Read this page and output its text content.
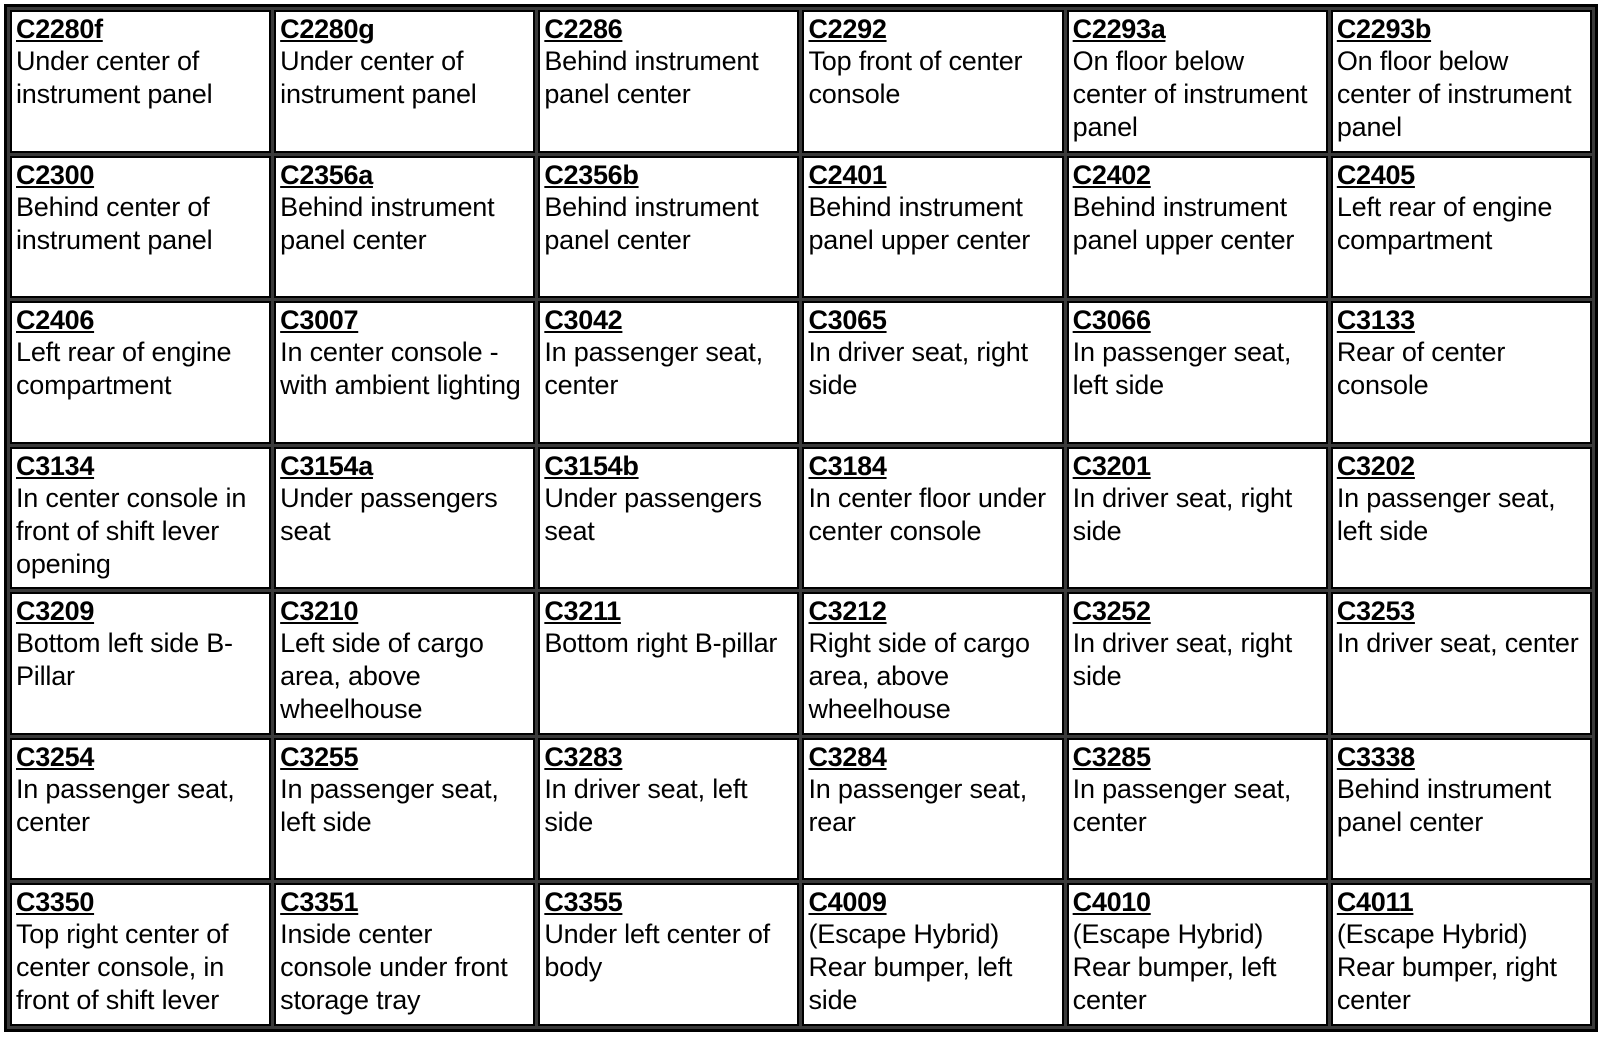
C2280f
Under center of instrument panel
C2280g
Under center of instrument panel
C2286
Behind instrument panel center
C2292
Top front of center console
C2293a
On floor below center of instrument panel
C2293b
On floor below center of instrument panel
C2300
Behind center of instrument panel
C2356a
Behind instrument panel center
C2356b
Behind instrument panel center
C2401
Behind instrument panel upper center
C2402
Behind instrument panel upper center
C2405
Left rear of engine compartment
C2406
Left rear of engine compartment
C3007
In center console - with ambient lighting
C3042
In passenger seat, center
C3065
In driver seat, right side
C3066
In passenger seat, left side
C3133
Rear of center console
C3134
In center console in front of shift lever opening
C3154a
Under passengers seat
C3154b
Under passengers seat
C3184
In center floor under center console
C3201
In driver seat, right side
C3202
In passenger seat, left side
C3209
Bottom left side B-Pillar
C3210
Left side of cargo area, above wheelhouse
C3211
Bottom right B-pillar
C3212
Right side of cargo area, above wheelhouse
C3252
In driver seat, right side
C3253
In driver seat, center
C3254
In passenger seat, center
C3255
In passenger seat, left side
C3283
In driver seat, left side
C3284
In passenger seat, rear
C3285
In passenger seat, center
C3338
Behind instrument panel center
C3350
Top right center of center console, in front of shift lever
C3351
Inside center console under front storage tray
C3355
Under left center of body
C4009
(Escape Hybrid) Rear bumper, left side
C4010
(Escape Hybrid) Rear bumper, left center
C4011
(Escape Hybrid) Rear bumper, right center
